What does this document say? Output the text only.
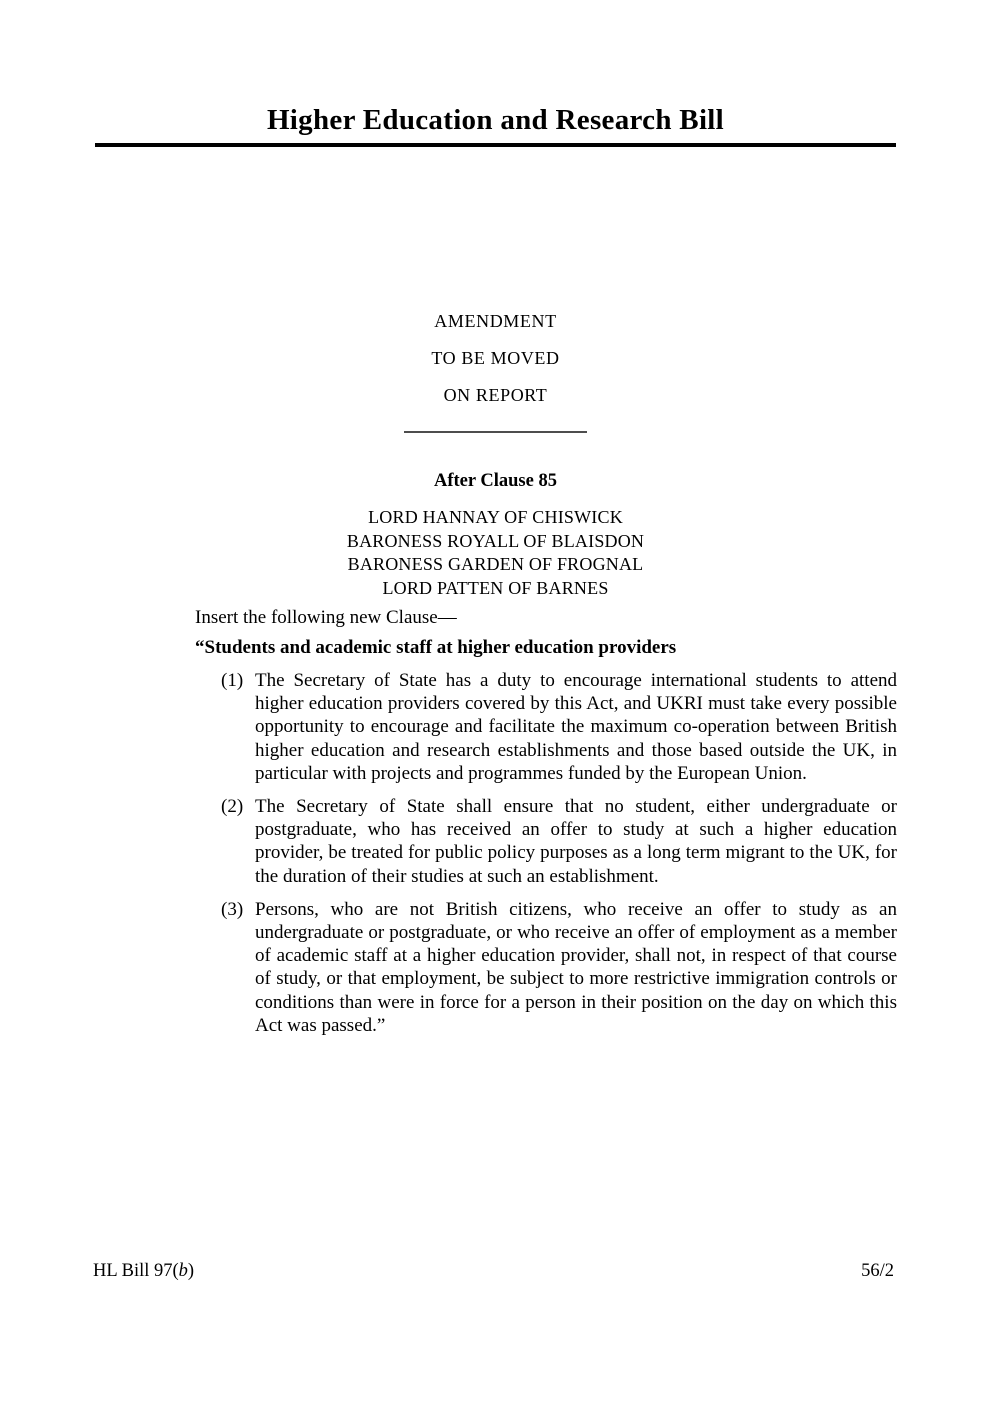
Higher Education and Research Bill
AMENDMENT
TO BE MOVED
ON REPORT
After Clause 85
LORD HANNAY OF CHISWICK
BARONESS ROYALL OF BLAISDON
BARONESS GARDEN OF FROGNAL
LORD PATTEN OF BARNES
Insert the following new Clause—
“Students and academic staff at higher education providers
(1) The Secretary of State has a duty to encourage international students to attend higher education providers covered by this Act, and UKRI must take every possible opportunity to encourage and facilitate the maximum co-operation between British higher education and research establishments and those based outside the UK, in particular with projects and programmes funded by the European Union.
(2) The Secretary of State shall ensure that no student, either undergraduate or postgraduate, who has received an offer to study at such a higher education provider, be treated for public policy purposes as a long term migrant to the UK, for the duration of their studies at such an establishment.
(3) Persons, who are not British citizens, who receive an offer to study as an undergraduate or postgraduate, or who receive an offer of employment as a member of academic staff at a higher education provider, shall not, in respect of that course of study, or that employment, be subject to more restrictive immigration controls or conditions than were in force for a person in their position on the day on which this Act was passed.”
HL Bill 97(b)	56/2
